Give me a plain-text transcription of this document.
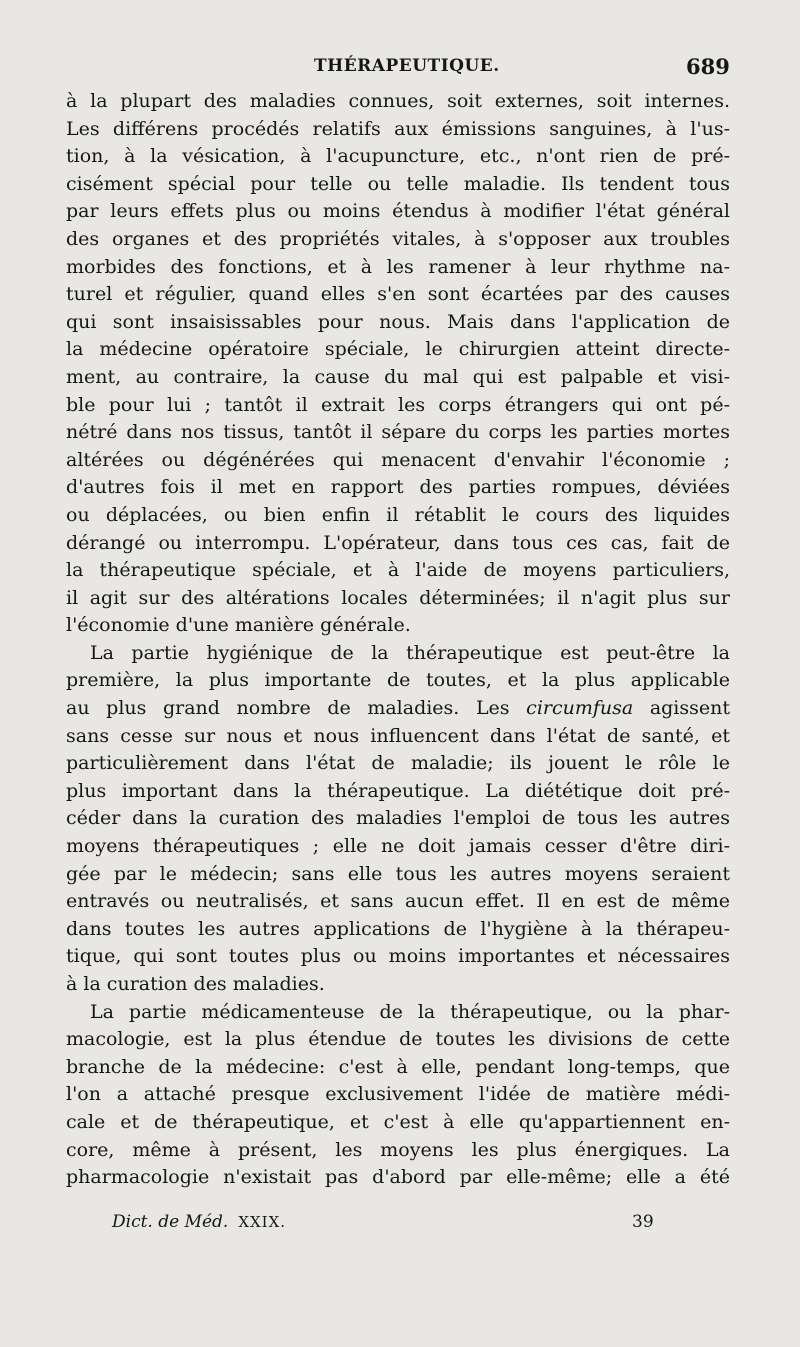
THÉRAPEUTIQUE.	689
à la plupart des maladies connues, soit externes, soit internes.
Les différens procédés relatifs aux émissions sanguines, à l'us-
tion, à la vésication, à l'acupuncture, etc., n'ont rien de pré-
cisément spécial pour telle ou telle maladie. Ils tendent tous
par leurs effets plus ou moins étendus à modifier l'état général
des organes et des propriétés vitales, à s'opposer aux troubles
morbides des fonctions, et à les ramener à leur rhythme na-
turel et régulier, quand elles s'en sont écartées par des causes
qui sont insaisissables pour nous. Mais dans l'application de
la médecine opératoire spéciale, le chirurgien atteint directe-
ment, au contraire, la cause du mal qui est palpable et visi-
ble pour lui ; tantôt il extrait les corps étrangers qui ont pé-
nétré dans nos tissus, tantôt il sépare du corps les parties mortes
altérées ou dégénérées qui menacent d'envahir l'économie ;
d'autres fois il met en rapport des parties rompues, déviées
ou déplacées, ou bien enfin il rétablit le cours des liquides
dérangé ou interrompu. L'opérateur, dans tous ces cas, fait de
la thérapeutique spéciale, et à l'aide de moyens particuliers,
il agit sur des altérations locales déterminées; il n'agit plus sur
l'économie d'une manière générale.
La partie hygiénique de la thérapeutique est peut-être la
première, la plus importante de toutes, et la plus applicable
au plus grand nombre de maladies. Les circumfusa agissent
sans cesse sur nous et nous influencent dans l'état de santé, et
particulièrement dans l'état de maladie; ils jouent le rôle le
plus important dans la thérapeutique. La diététique doit pré-
céder dans la curation des maladies l'emploi de tous les autres
moyens thérapeutiques ; elle ne doit jamais cesser d'être diri-
gée par le médecin; sans elle tous les autres moyens seraient
entravés ou neutralisés, et sans aucun effet. Il en est de même
dans toutes les autres applications de l'hygiène à la thérapeu-
tique, qui sont toutes plus ou moins importantes et nécessaires
à la curation des maladies.
La partie médicamenteuse de la thérapeutique, ou la phar-
macologie, est la plus étendue de toutes les divisions de cette
branche de la médecine: c'est à elle, pendant long-temps, que
l'on a attaché presque exclusivement l'idée de matière médi-
cale et de thérapeutique, et c'est à elle qu'appartiennent en-
core, même à présent, les moyens les plus énergiques. La
pharmacologie n'existait pas d'abord par elle-même; elle a été
Dict. de Méd. XXIX.	39
